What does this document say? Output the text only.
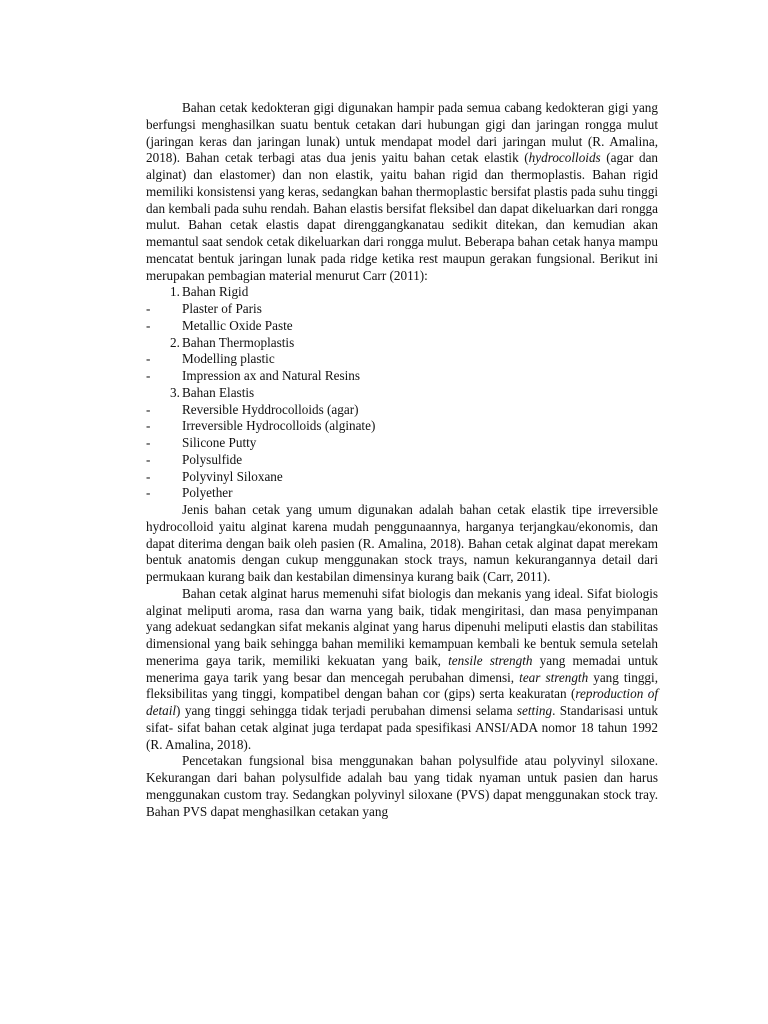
Bahan cetak kedokteran gigi digunakan hampir pada semua cabang kedokteran gigi yang berfungsi menghasilkan suatu bentuk cetakan dari hubungan gigi dan jaringan rongga mulut (jaringan keras dan jaringan lunak) untuk mendapat model dari jaringan mulut (R. Amalina, 2018). Bahan cetak terbagi atas dua jenis yaitu bahan cetak elastik (hydrocolloids (agar dan alginat) dan elastomer) dan non elastik, yaitu bahan rigid dan thermoplastis. Bahan rigid memiliki konsistensi yang keras, sedangkan bahan thermoplastic bersifat plastis pada suhu tinggi dan kembali pada suhu rendah. Bahan elastis bersifat fleksibel dan dapat dikeluarkan dari rongga mulut. Bahan cetak elastis dapat direnggangkanatau sedikit ditekan, dan kemudian akan memantul saat sendok cetak dikeluarkan dari rongga mulut. Beberapa bahan cetak hanya mampu mencatat bentuk jaringan lunak pada ridge ketika rest maupun gerakan fungsional. Berikut ini merupakan pembagian material menurut Carr (2011):

1. Bahan Rigid

- Plaster of Paris

- Metallic Oxide Paste

2. Bahan Thermoplastis

- Modelling plastic

- Impression ax and Natural Resins

3. Bahan Elastis

- Reversible Hyddrocolloids (agar)

- Irreversible Hydrocolloids (alginate)

- Silicone Putty

- Polysulfide

- Polyvinyl Siloxane

- Polyether

Jenis bahan cetak yang umum digunakan adalah bahan cetak elastik tipe irreversible hydrocolloid yaitu alginat karena mudah penggunaannya, harganya terjangkau/ekonomis, dan dapat diterima dengan baik oleh pasien (R. Amalina, 2018). Bahan cetak alginat dapat merekam bentuk anatomis dengan cukup menggunakan stock trays, namun kekurangannya detail dari permukaan kurang baik dan kestabilan dimensinya kurang baik (Carr, 2011).

Bahan cetak alginat harus memenuhi sifat biologis dan mekanis yang ideal. Sifat biologis alginat meliputi aroma, rasa dan warna yang baik, tidak mengiritasi, dan masa penyimpanan yang adekuat sedangkan sifat mekanis alginat yang harus dipenuhi meliputi elastis dan stabilitas dimensional yang baik sehingga bahan memiliki kemampuan kembali ke bentuk semula setelah menerima gaya tarik, memiliki kekuatan yang baik, tensile strength yang memadai untuk menerima gaya tarik yang besar dan mencegah perubahan dimensi, tear strength yang tinggi, fleksibilitas yang tinggi, kompatibel dengan bahan cor (gips) serta keakuratan (reproduction of detail) yang tinggi sehingga tidak terjadi perubahan dimensi selama setting. Standarisasi untuk sifat- sifat bahan cetak alginat juga terdapat pada spesifikasi ANSI/ADA nomor 18 tahun 1992 (R. Amalina, 2018).

Pencetakan fungsional bisa menggunakan bahan polysulfide atau polyvinyl siloxane. Kekurangan dari bahan polysulfide adalah bau yang tidak nyaman untuk pasien dan harus menggunakan custom tray. Sedangkan polyvinyl siloxane (PVS) dapat menggunakan stock tray. Bahan PVS dapat menghasilkan cetakan yang
